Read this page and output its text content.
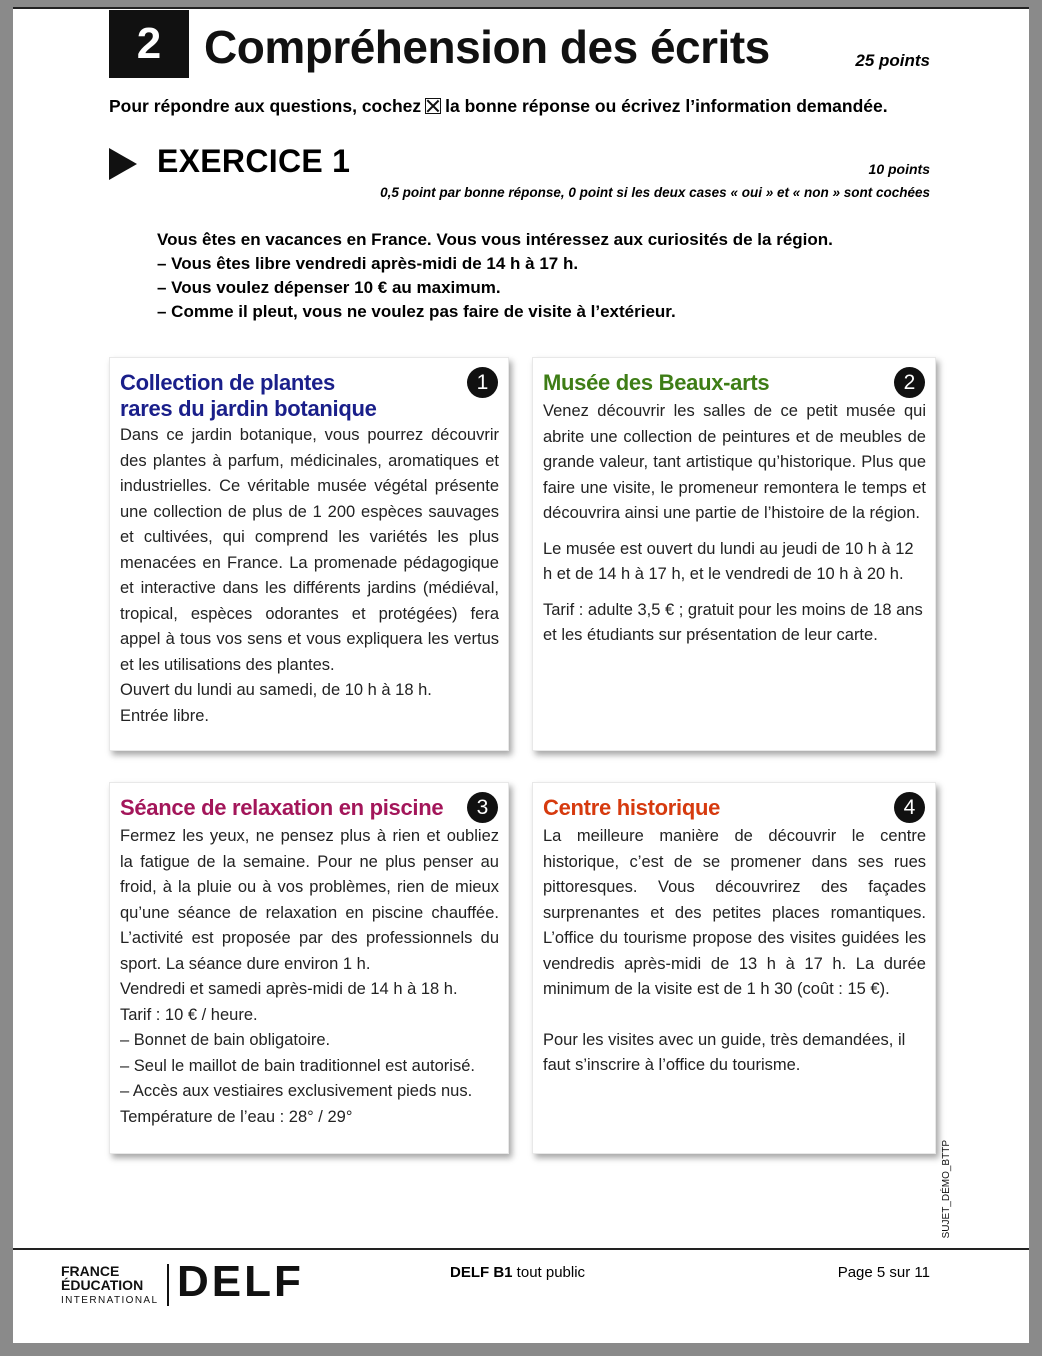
2 Compréhension des écrits	25 points
Pour répondre aux questions, cochez la bonne réponse ou écrivez l’information demandée.
EXERCICE 1	10 points
0,5 point par bonne réponse, 0 point si les deux cases « oui » et « non » sont cochées
Vous êtes en vacances en France. Vous vous intéressez aux curiosités de la région.
– Vous êtes libre vendredi après-midi de 14 h à 17 h.
– Vous voulez dépenser 10 € au maximum.
– Comme il pleut, vous ne voulez pas faire de visite à l’extérieur.
Collection de plantes
rares du jardin botanique
1

Dans ce jardin botanique, vous pourrez découvrir des plantes à parfum, médicinales, aromatiques et industrielles. Ce véritable musée végétal présente une collection de plus de 1 200 espèces sauvages et cultivées, qui comprend les variétés les plus menacées en France. La promenade pédagogique et interactive dans les différents jardins (médiéval, tropical, espèces odorantes et protégées) fera appel à tous vos sens et vous expliquera les vertus et les utilisations des plantes.

Ouvert du lundi au samedi, de 10 h à 18 h.

Entrée libre.

Musée des Beaux-arts	2

Venez découvrir les salles de ce petit musée qui abrite une collection de peintures et de meubles de grande valeur, tant artistique qu’historique. Plus que faire une visite, le promeneur remontera le temps et découvrira ainsi une partie de l’histoire de la région.

Le musée est ouvert du lundi au jeudi de 10 h à 12 h et de 14 h à 17 h, et le vendredi de 10 h à 20 h.

Tarif : adulte 3,5 € ; gratuit pour les moins de 18 ans et les étudiants sur présentation de leur carte.

Séance de relaxation en piscine	3

Fermez les yeux, ne pensez plus à rien et oubliez la fatigue de la semaine. Pour ne plus penser au froid, à la pluie ou à vos problèmes, rien de mieux qu’une séance de relaxation en piscine chauffée. L’activité est proposée par des professionnels du sport. La séance dure environ 1 h.

Vendredi et samedi après-midi de 14 h à 18 h.

Tarif : 10 € / heure.

– Bonnet de bain obligatoire.

– Seul le maillot de bain traditionnel est autorisé.

– Accès aux vestiaires exclusivement pieds nus.

Température de l’eau : 28° / 29°

Centre historique	4

La meilleure manière de découvrir le centre historique, c’est de se promener dans ses rues pittoresques. Vous découvrirez des façades surprenantes et des petites places romantiques. L’office du tourisme propose des visites guidées les vendredis après-midi de 13 h à 17 h. La durée minimum de la visite est de 1 h 30 (coût : 15 €).

Pour les visites avec un guide, très demandées, il faut s’inscrire à l’office du tourisme.

SUJET_DÉMO_BTTP
FRANCE
ÉDUCATION
INTERNATIONAL DELF	DELF B1 tout public	Page 5 sur 11
